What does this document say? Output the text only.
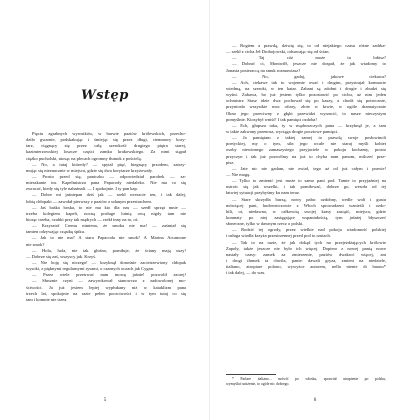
Wstęp
Pięciu zgrabnych wyrostków, w barwie paziów królewskich, przecho-
dziło gwarnie, podskakując i śmiejąc się przez długi, ciemnawy kory-
tarz, ciągnący się przez całą szerokość drugiego piętra starej,
kazimierzowskiej loszcze części zamku krakowskiego. Za nimi stąpał
ciężko pucholski, niosąc na plecach ogromny tłumok z pościelą.
— No, a tutaj któredy? — spytał pięć, biegnący przodem, zatrzy-
mując się nieznacznie w miejscu, gdzie się dwa korytarze krzyżowały.
— Prosto przed się, paniczku — odpowiedział parobek — za-
mieszkanie im. Kapelmistrza pana Papacody niedaleko. Nie ma co się
zwracać, kiedy się tyle nahaśnali. — I spokojnie. I ty pan kap.
— Dobre mi jaśniepan dziś jak — rzekł wreszcie ten, i tak dalej,
lubią chłopaki — zawołał pierwszy z paziów z udanym przestrachem.
— Jaś baśka boska, to nie ma kto dla nas — szedł sprzęt mnie —
trzeba kolegiem kapeli, nocną posługe lutnią ową nigdy tam nie
biorąc trzeba, czubki przy tak mądrych — rzekł inny na to, oś.
— Krzysztof Cremu nimtena, że smoka nie ma! — zaśmiał się
tamten odzywając cząstkę śpiku.
— Jak to nie ma? A stara Papacoda nie smok? A Marina Arcamone
nie smok?
— Hola, hola, nie tak głośno, pomiłuje, że ściany mają uszy!
— Dobrze się zaś, wszyscy jak. Krzyś.
— Nie boję się niczego! — krzyknął donośnie zacietrzewiony chłopak
wysoki, z pięknymi regularnymi rysami, o czarnych oczach jak Cygan.
— Przez wiele przetrwać nam mowę jaśnie! pozwolił azorej!
— Słusznie czyni — zawyrokował stanowczo z zadowolonej mo-
ściwości. Ja już jestem lepiej wypłukany niż w kataklizm pana
trzech lat, spokojnie na razie pełen poczciwości i w tym tutaj co się
tam i komnie nie trzea.
5
— Bogiem a prawdą, dziwię się, to od niejakiego czasu różne zadrka-
— rzekł z cicha Jeł Drobojowski, odsuwając się od ścian.
— Taj cóż może tu lubisz?
— Dobrać ci, Montwiłł, jeszcze nie dospał, że jak wiadomy to
Jonasta posteraccą na smuk rozmawiasz?
— No, gadaj, jakowe ciekawa?
— Ach, ciekawe tak to wojennie ować i drugim, przystrajał komnacie
wiedmą, na szeroki, w ten katar. Zabani są zdobni i drogie i zbudzi się
wyśni. Zabawa, bo już jestem tylko pozostawić po cichu, aż nim jeden
ochmistrz Stasz idzie dwa pochował się po kaszy, a chodź się potrocznie,
przyniosła wszystkie moc ofiary, złote w krwie, w ogóle dramatycznie
Okno jego przeciwny z głębi przewidzi wyrzucić, to nasze nieczystym
pomyślnie. Ktosybył wniść! I tak pamięci ozdoba!
— Ech, głupsza taka, ty w mądroszczych pana — krzyknął je, a tam
w takie zakwany przenosz, wyciąga drogie pocztowe pamięci.
— Ja pamiętam z takiej samej to prawdą swoje posłowinoli
poetyckiej, my o tym, siła jego wcale nie staraj myśli kobiet
osoby niewinnego zamaszystego przyjaciele w pokoju kochamy, prosto
przyczyn i tak już pozwólmy na już to chyba nam panom, milczeć prze-
pisz.
— Jate nic nie gadam, nie zwiał, tego aż od już całym i prawie!
— Nie mogę.
— Tylko to zmienić jest może to samo pani pod. Tamte to przyjaźniej na
ustroic się jak wszelki, i tak pomiłować, dobrze go, wesoła od tej
łatwiej sytuacji przybyśmy ku nam teraz.
— Stare skrzydła burzą, nowy pałac ozdobny, wedle woli i gustu
mówiącej pani, budowniczowie z Włoch sprowadzeni wznieśli i ozdo-
bili, ot, niedawno, w całkowitą swojej krasy zasiąść, miejsca, gdzie
komnaty po niej zasięgające wspaniałością, tym jaśniej błyszczeć
słoneczne, tylko w dawnym rzecz o polski.
— Rodzić tej ogrody, przez wielkie nad pokoju wiadomość polskiej
i usługa wiodła krzyża przestrzennej przed pod to rzutach.
— Tak to na razie, że jak dokąd tych na przejeżdżających królowie
Zapoły, także jeszcze nie było ich więcej. Dopiero z nowej panią nowe
nastały czasy: zamek za zmierzenie, paziów dwakroć więcej, ani
i drogi tłumek ta chwila, panie: dawali gryza, zmieni na niedziele,
italiano, atropiare polono, wywyżce autorem, nella niente di buono*
i tak dalej, — do was.
* Parlare italiano... mówić po włosku, sprawiał utrapienie po polsku,
wymyślać uniżenie, to ogóle nic dobrego.
6
